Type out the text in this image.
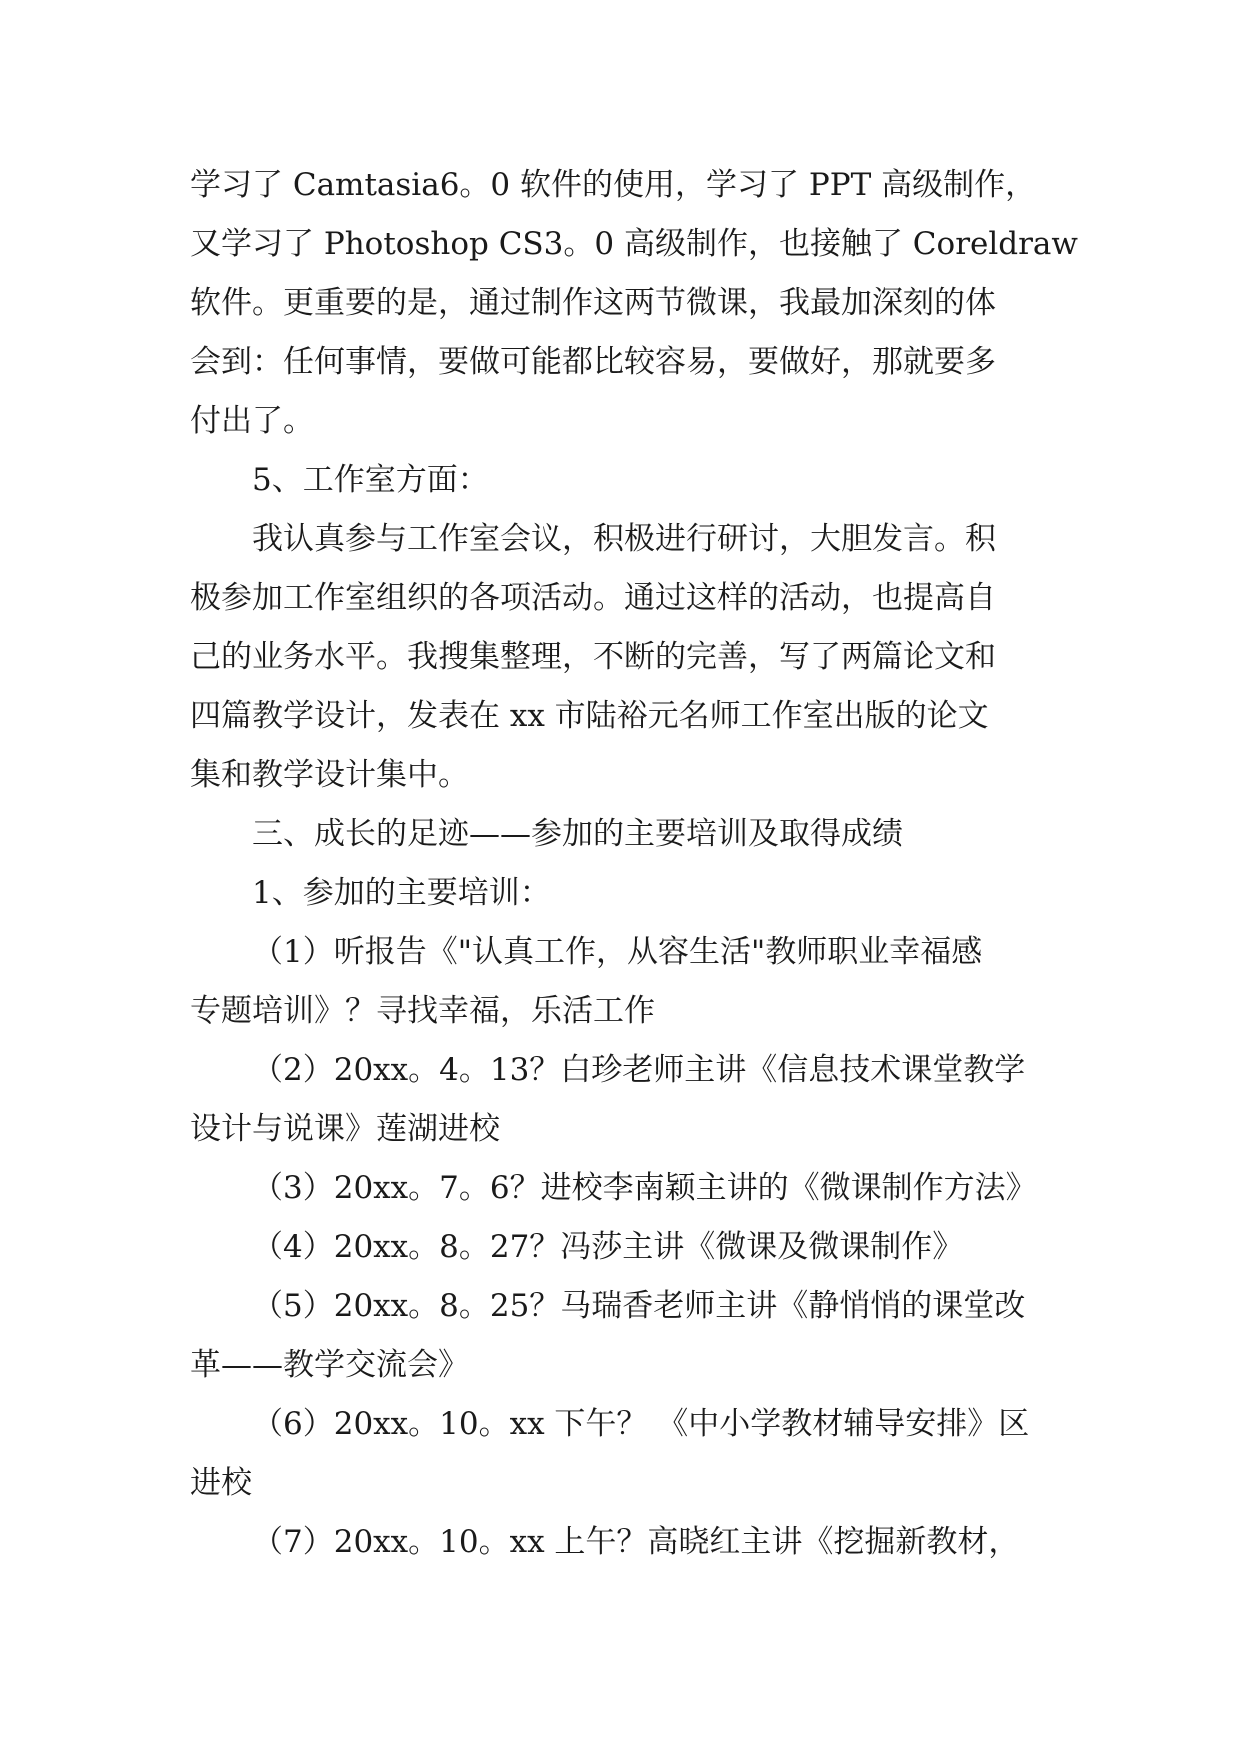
学习了 Camtasia6。0 软件的使用，学习了 PPT 高级制作，

又学习了 Photoshop CS3。0 高级制作，也接触了 Coreldraw

软件。更重要的是，通过制作这两节微课，我最加深刻的体

会到：任何事情，要做可能都比较容易，要做好，那就要多

付出了。

5、工作室方面：

我认真参与工作室会议，积极进行研讨，大胆发言。积

极参加工作室组织的各项活动。通过这样的活动，也提高自

己的业务水平。我搜集整理，不断的完善，写了两篇论文和

四篇教学设计，发表在 xx 市陆裕元名师工作室出版的论文

集和教学设计集中。

三、成长的足迹——参加的主要培训及取得成绩

1、参加的主要培训：

（1）听报告《"认真工作，从容生活"教师职业幸福感

专题培训》？寻找幸福，乐活工作

（2）20xx。4。13？白珍老师主讲《信息技术课堂教学

设计与说课》莲湖进校

（3）20xx。7。6？进校李南颖主讲的《微课制作方法》

（4）20xx。8。27？冯莎主讲《微课及微课制作》

（5）20xx。8。25？马瑞香老师主讲《静悄悄的课堂改

革——教学交流会》

（6）20xx。10。xx 下午？ 《中小学教材辅导安排》区

进校

（7）20xx。10。xx 上午？高晓红主讲《挖掘新教材，
